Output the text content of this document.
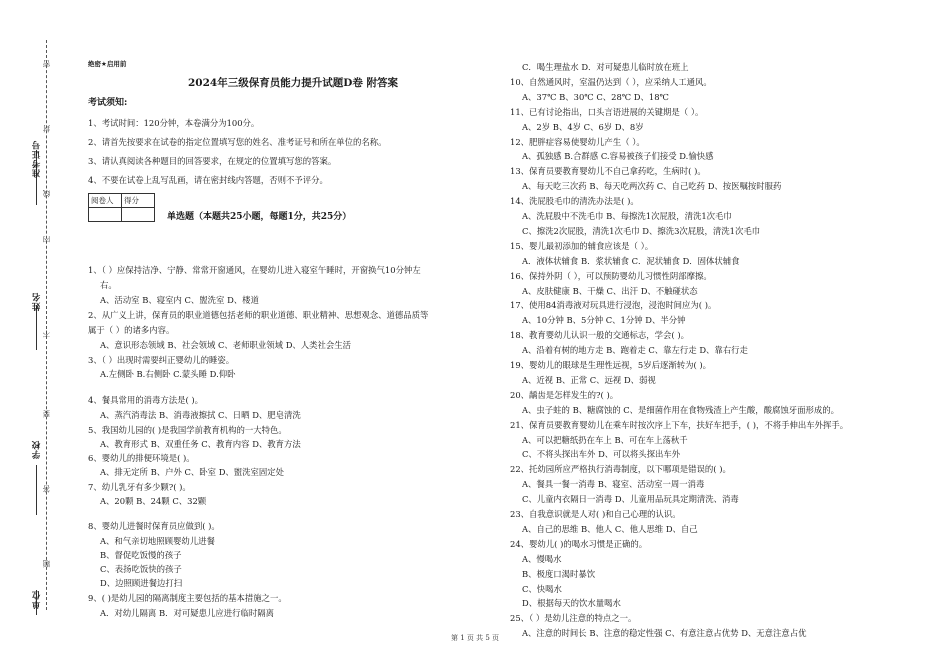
准考证号
姓名
学校
单位
密
封
线
内
不
要
答
题
绝密★启用前
2024年三级保育员能力提升试题D卷 附答案
考试须知:
1、考试时间：120分钟，本卷满分为100分。
2、请首先按要求在试卷的指定位置填写您的姓名、准考证号和所在单位的名称。
3、请认真阅读各种题目的回答要求，在规定的位置填写您的答案。
4、不要在试卷上乱写乱画，请在密封线内答题，否则不予评分。
阅卷人	得分

单选题（本题共25小题，每题1分，共25分）
1、（ ）应保持洁净、宁静、常常开窗通风，在婴幼儿进入寝室午睡时，开窗换气10分钟左
右。
A、活动室 B、寝室内 C、盥洗室 D、楼道
2、从广义上讲，保育员的职业道德包括老师的职业道德、职业精神、思想观念、道德品质等
属于（ ）的诸多内容。
A、意识形态领域 B、社会领域 C、老师职业领域 D、人类社会生活
3、（ ）出现时需要纠正婴幼儿的睡姿。
A.左侧卧 B.右侧卧 C.蒙头睡 D.仰卧
4、餐具常用的消毒方法是( )。
A、蒸汽消毒法 B、消毒液擦拭 C、日晒 D、肥皂清洗
5、我国幼儿园的( )是我国学前教育机构的一大特色。
A、教育形式 B、双重任务 C、教育内容 D、教育方法
6、婴幼儿的排便环境是( )。
A、排无定所 B、户外 C、卧室 D、盥洗室固定处
7、幼儿乳牙有多少颗?( )。
A、20颗 B、24颗 C、32颗
8、婴幼儿进餐时保育员应做到( )。
A、和气亲切地照顾婴幼儿进餐
B、督促吃饭慢的孩子
C、表扬吃饭快的孩子
D、边照顾进餐边打扫
9、( )是幼儿园的隔离制度主要包括的基本措施之一。
A．对幼儿隔离 B．对可疑患儿应进行临时隔离
C．喝生理盐水 D．对可疑患儿临时放在班上
10、自然通风时，室温仍达到（ ），应采纳人工通风。
A、37℃ B、30℃ C、28℃ D、18℃
11、已有讨论指出，口头言语进展的关键期是（ ）。
A、2岁 B、4岁 C、6岁 D、8岁
12、肥胖症容易使婴幼儿产生（ ）。
A、孤独感 B.合群感 C.容易被孩子们接受 D.愉快感
13、保育员要教育婴幼儿不自己拿药吃，生病时( )。
A、每天吃三次药 B、每天吃两次药 C、自己吃药 D、按医嘱按时服药
14、洗屁股毛巾的清洗办法是( )。
A、洗屁股中不洗毛巾 B、每擦洗1次屁股，清洗1次毛巾
C、擦洗2次屁股，清洗1次毛巾 D、擦洗3次屁股，清洗1次毛巾
15、婴儿最初添加的辅食应该是（ ）。
A．液体状辅食 B．浆状辅食 C．泥状辅食 D．固体状辅食
16、保持外阴（ ），可以预防婴幼儿习惯性阴部摩擦。
A、皮肤健康 B、干燥 C、出汗 D、不触碰状态
17、使用84消毒液对玩具进行浸泡，浸泡时间应为( )。
A、10分钟 B、5分钟 C、1分钟 D、半分钟
18、教育婴幼儿认识一般的交通标志，学会( )。
A、沿着有树的地方走 B、跑着走 C、靠左行走 D、靠右行走
19、婴幼儿的眼球是生理性远视，5岁后逐渐转为( )。
A、近视 B、正常 C、远视 D、弱视
20、龋齿是怎样发生的?( )。
A、虫子蛀的 B、糖腐蚀的 C、是细菌作用在食物残渣上产生酸，酸腐蚀牙面形成的。
21、保育员要教育婴幼儿在乘车时按次序上下车，扶好车把手，( )，不将手伸出车外挥手。
A、可以把糖纸扔在车上 B、可在车上荡秋千
C、不将头探出车外 D、可以将头探出车外
22、托幼园所应严格执行消毒制度，以下哪项是错误的( )。
A、餐具一餐一消毒 B、寝室、活动室一周一消毒
C、儿童内衣隔日一消毒 D、儿童用品玩具定期清洗、消毒
23、自我意识就是人对( )和自己心理的认识。
A、自己的思维 B、他人 C、他人思维 D、自己
24、婴幼儿( )的喝水习惯是正确的。
A、慢喝水
B、极度口渴时暴饮
C、快喝水
D、根据每天的饮水量喝水
25、（ ）是幼儿注意的特点之一。
A、注意的时间长 B、注意的稳定性强 C、有意注意占优势 D、无意注意占优
第 1 页 共 5 页
